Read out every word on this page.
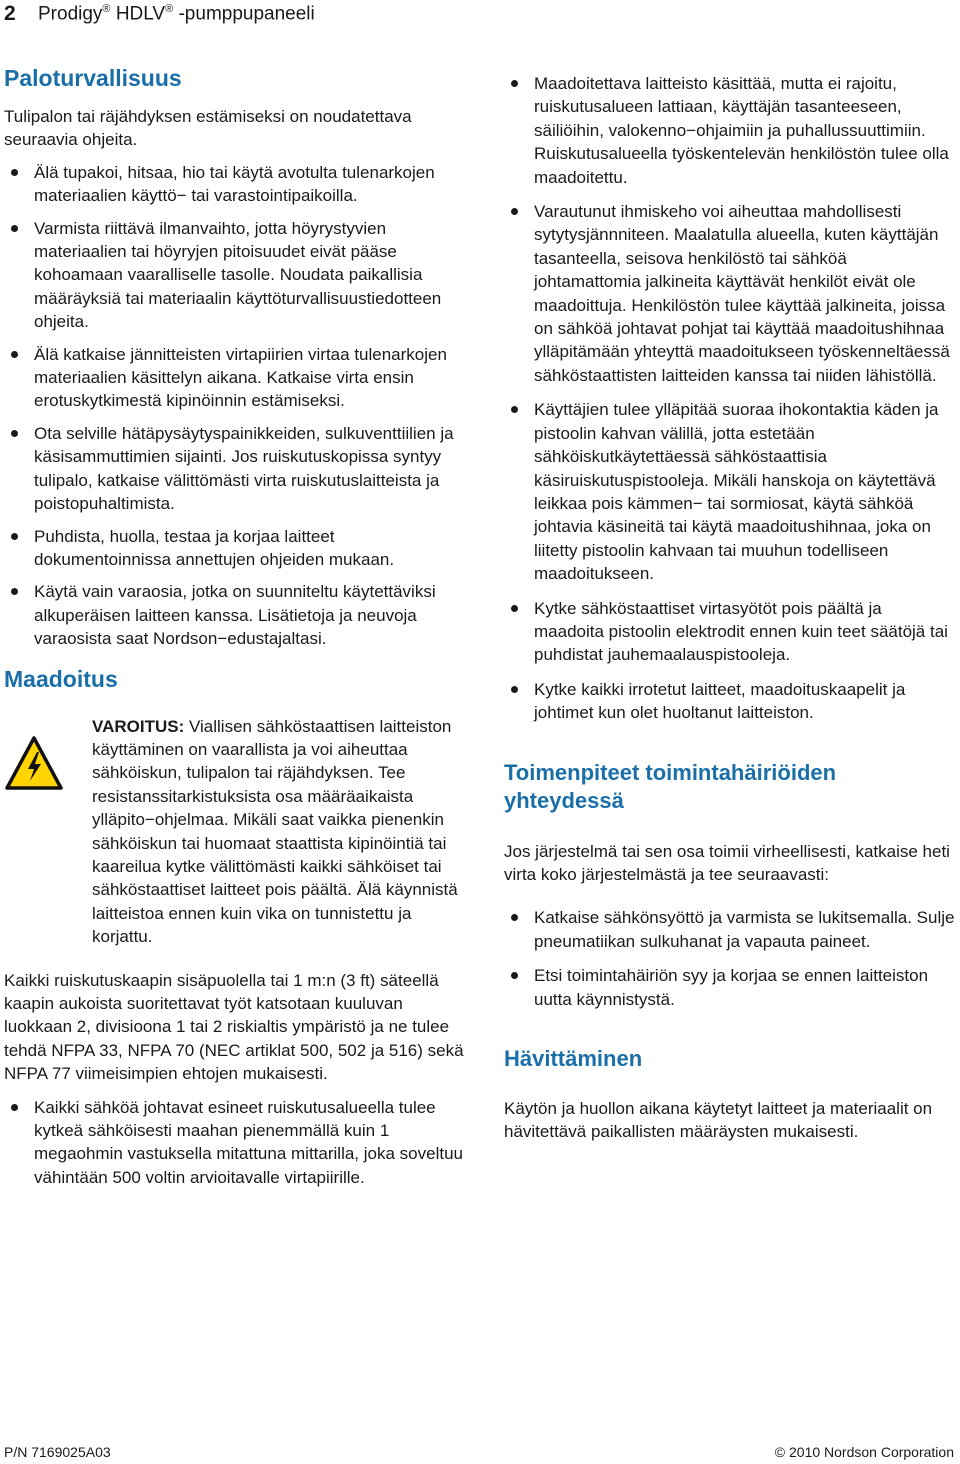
2 Prodigy® HDLV® -pumppupaneeli
Paloturvallisuus

Tulipalon tai räjähdyksen estämiseksi on noudatettava seuraavia ohjeita.

Älä tupakoi, hitsaa, hio tai käytä avotulta tulenarkojen materiaalien käyttö− tai varastointipaikoilla.
Varmista riittävä ilmanvaihto, jotta höyrystyvien materiaalien tai höyryjen pitoisuudet eivät pääse kohoamaan vaaralliselle tasolle. Noudata paikallisia määräyksiä tai materiaalin käyttöturvallisuustiedotteen ohjeita.
Älä katkaise jännitteisten virtapiirien virtaa tulenarkojen materiaalien käsittelyn aikana. Katkaise virta ensin erotuskytkimestä kipinöinnin estämiseksi.
Ota selville hätäpysäytyspainikkeiden, sulkuventtiilien ja käsisammuttimien sijainti. Jos ruiskutuskopissa syntyy tulipalo, katkaise välittömästi virta ruiskutuslaitteista ja poistopuhaltimista.
Puhdista, huolla, testaa ja korjaa laitteet dokumentoinnissa annettujen ohjeiden mukaan.
Käytä vain varaosia, jotka on suunniteltu käytettäviksi alkuperäisen laitteen kanssa. Lisätietoja ja neuvoja varaosista saat Nordson−edustajaltasi.
Maadoitus

VAROITUS: Viallisen sähköstaattisen laitteiston käyttäminen on vaarallista ja voi aiheuttaa sähköiskun, tulipalon tai räjähdyksen. Tee resistanssitarkistuksista osa määräaikaista ylläpito−ohjelmaa. Mikäli saat vaikka pienenkin sähköiskun tai huomaat staattista kipinöintiä tai kaareilua kytke välittömästi kaikki sähköiset tai sähköstaattiset laitteet pois päältä. Älä käynnistä laitteistoa ennen kuin vika on tunnistettu ja korjattu.

Kaikki ruiskutuskaapin sisäpuolella tai 1 m:n (3 ft) säteellä kaapin aukoista suoritettavat työt katsotaan kuuluvan luokkaan 2, divisioona 1 tai 2 riskialtis ympäristö ja ne tulee tehdä NFPA 33, NFPA 70 (NEC artiklat 500, 502 ja 516) sekä NFPA 77 viimeisimpien ehtojen mukaisesti.

Kaikki sähköä johtavat esineet ruiskutusalueella tulee kytkeä sähköisesti maahan pienemmällä kuin 1 megaohmin vastuksella mitattuna mittarilla, joka soveltuu vähintään 500 voltin arvioitavalle virtapiirille.
Maadoitettava laitteisto käsittää, mutta ei rajoitu, ruiskutusalueen lattiaan, käyttäjän tasanteeseen, säiliöihin, valokenno−ohjaimiin ja puhallussuuttimiin. Ruiskutusalueella työskentelevän henkilöstön tulee olla maadoitettu.
Varautunut ihmiskeho voi aiheuttaa mahdollisesti sytytysjännniteen. Maalatulla alueella, kuten käyttäjän tasanteella, seisova henkilöstö tai sähköä johtamattomia jalkineita käyttävät henkilöt eivät ole maadoittuja. Henkilöstön tulee käyttää jalkineita, joissa on sähköä johtavat pohjat tai käyttää maadoitushihnaa ylläpitämään yhteyttä maadoitukseen työskenneltäessä sähköstaattisten laitteiden kanssa tai niiden lähistöllä.
Käyttäjien tulee ylläpitää suoraa ihokontaktia käden ja pistoolin kahvan välillä, jotta estetään sähköiskutkäytettäessä sähköstaattisia käsiruiskutuspistooleja. Mikäli hanskoja on käytettävä leikkaa pois kämmen− tai sormiosat, käytä sähköä johtavia käsineitä tai käytä maadoitushihnaa, joka on liitetty pistoolin kahvaan tai muuhun todelliseen maadoitukseen.
Kytke sähköstaattiset virtasyötöt pois päältä ja maadoita pistoolin elektrodit ennen kuin teet säätöjä tai puhdistat jauhemaalauspistooleja.
Kytke kaikki irrotetut laitteet, maadoituskaapelit ja johtimet kun olet huoltanut laitteiston.
Toimenpiteet toimintahäiriöiden yhteydessä

Jos järjestelmä tai sen osa toimii virheellisesti, katkaise heti virta koko järjestelmästä ja tee seuraavasti:

Katkaise sähkönsyöttö ja varmista se lukitsemalla. Sulje pneumatiikan sulkuhanat ja vapauta paineet.
Etsi toimintahäiriön syy ja korjaa se ennen laitteiston uutta käynnistystä.
Hävittäminen

Käytön ja huollon aikana käytetyt laitteet ja materiaalit on hävitettävä paikallisten määräysten mukaisesti.

P/N 7169025A03	© 2010 Nordson Corporation
